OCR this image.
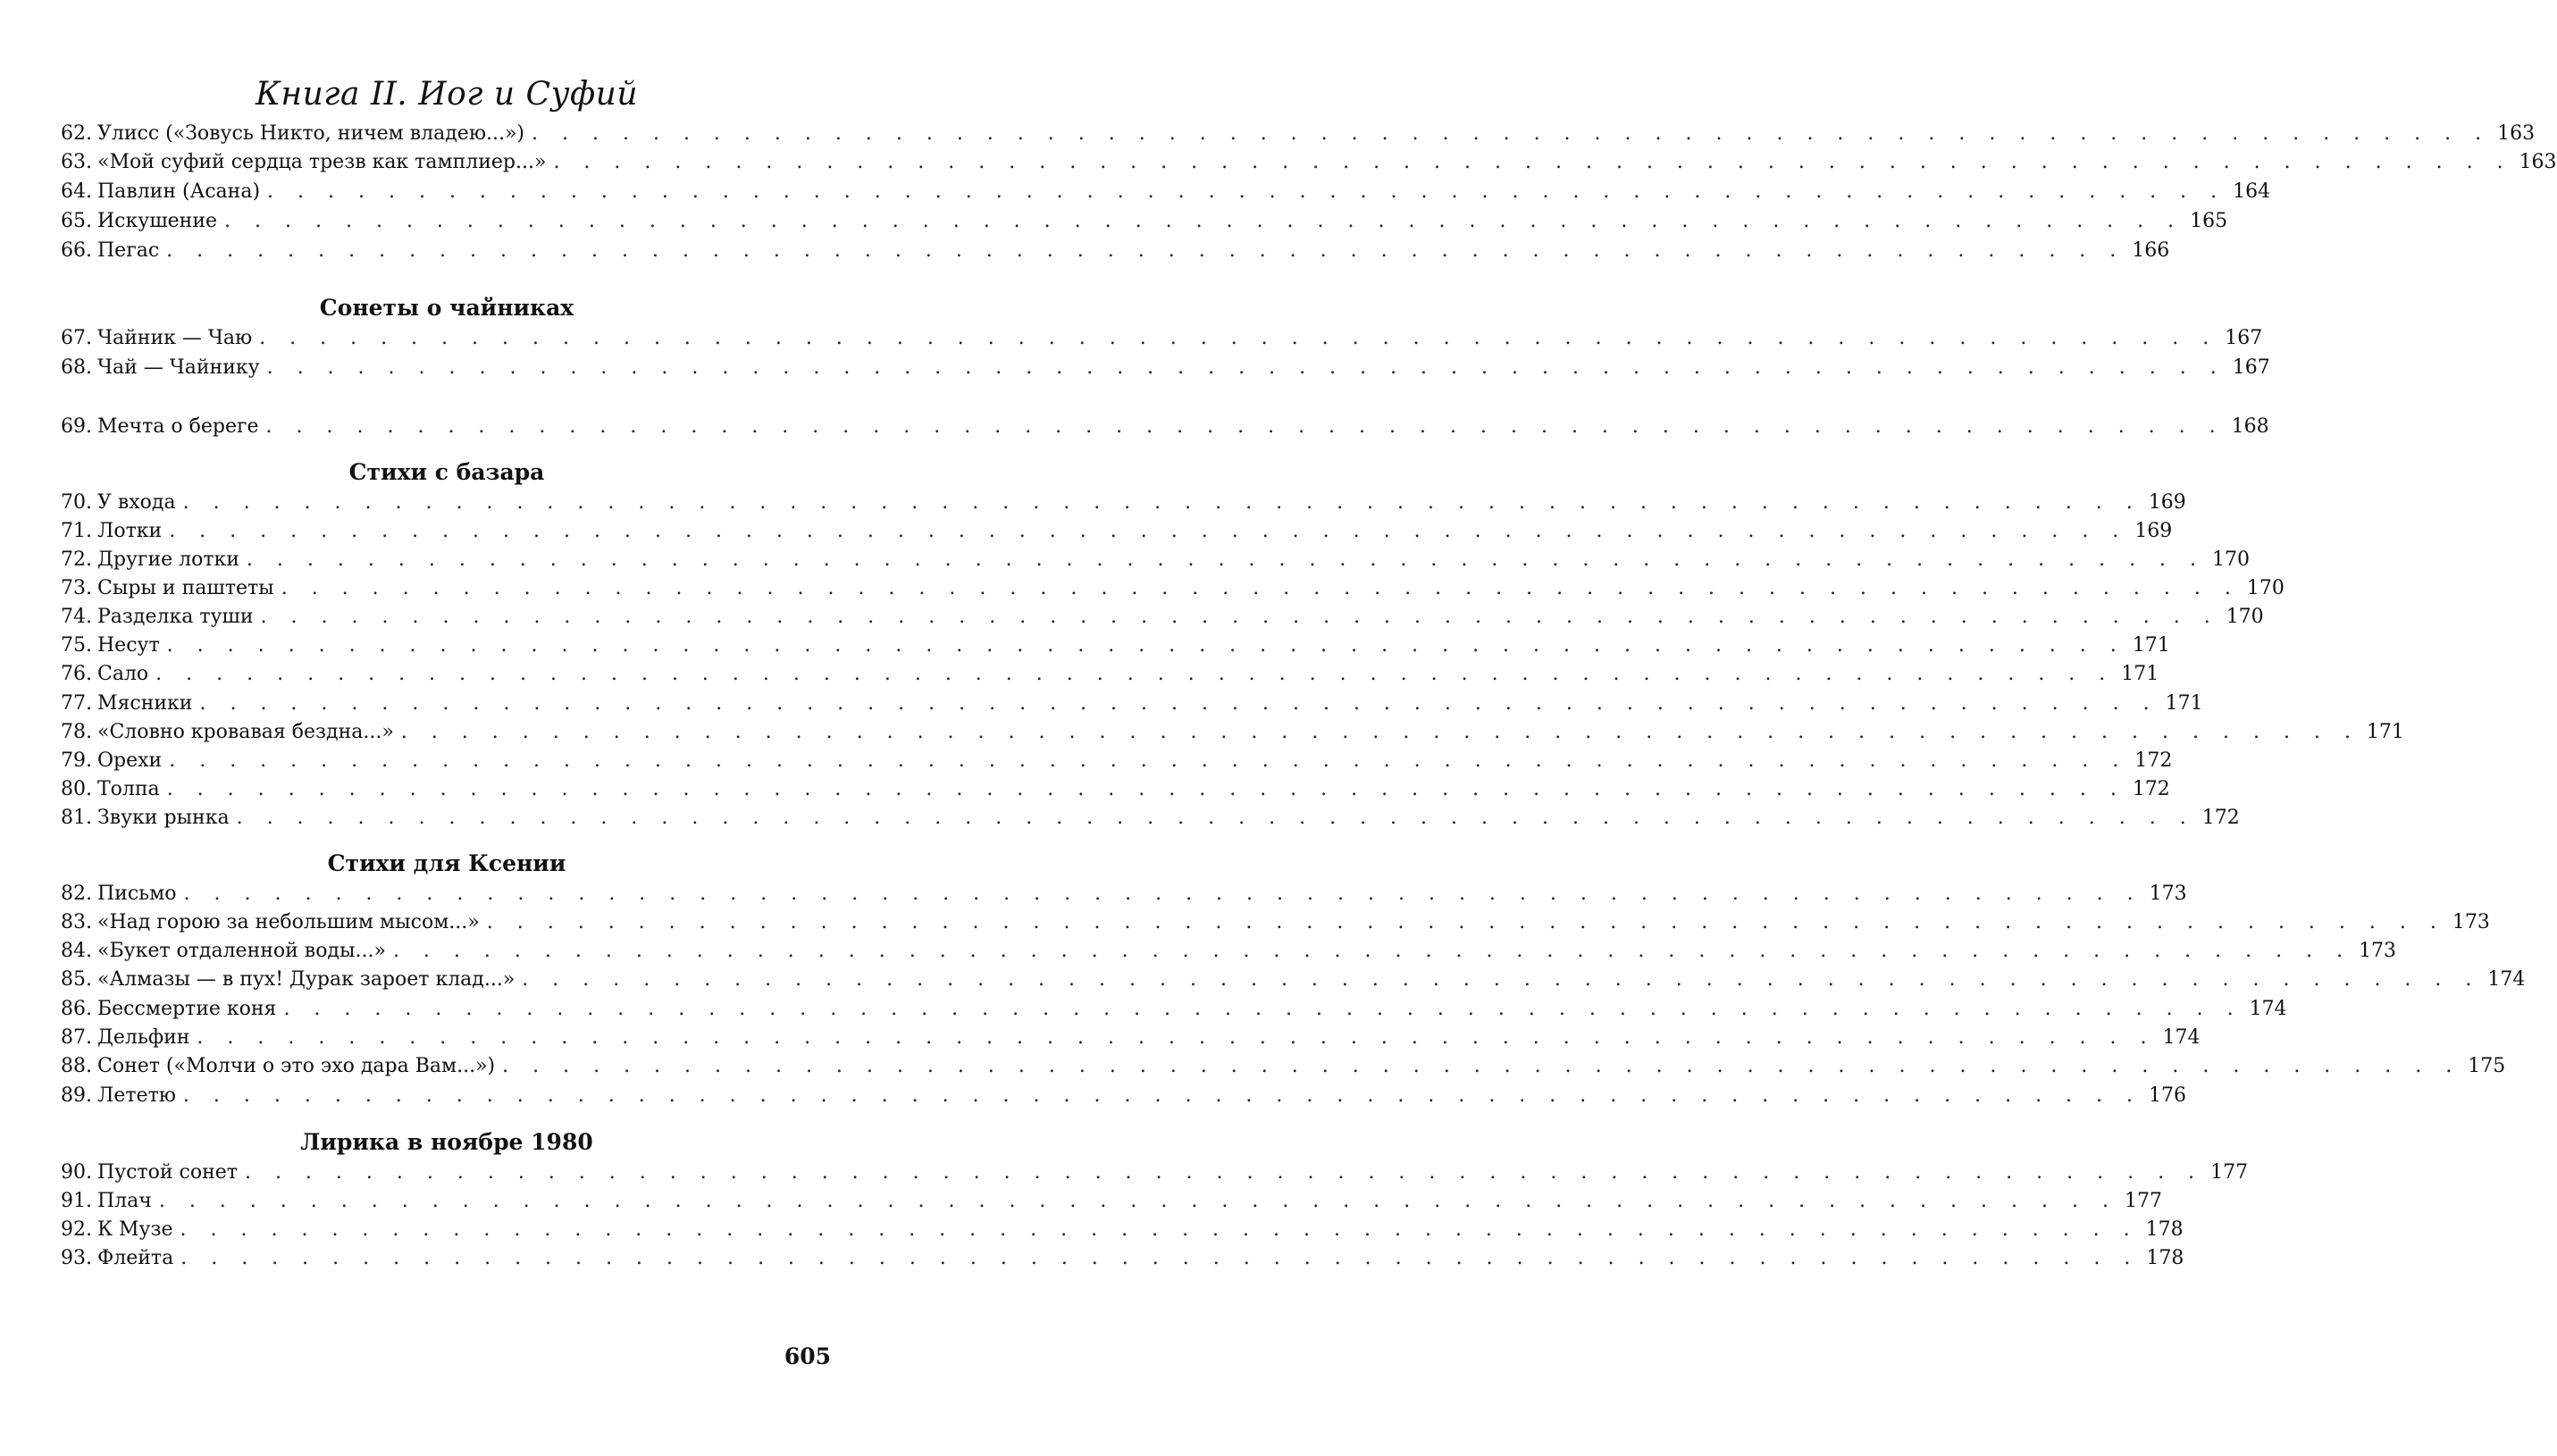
Книга II. Иог и Суфий
62. Улисс («Зовусь Никто, ничем владею...») . . . . . . . . . . . . . . . . . . . . . . . . . . . . . . . . . . . . . . . . . . . . . . . . . . . . . . . . . . . . . . . . . 163
63. «Мой суфий сердца трезв как тамплиер...» . . . . . . . . . . . . . . . . . . . . . . . . . . . . . . . . . . . . . . . . . . . . . . . . . . . . . . . . . . . . . . . . . 163
64. Павлин (Асана) . . . . . . . . . . . . . . . . . . . . . . . . . . . . . . . . . . . . . . . . . . . . . . . . . . . . . . . . . . . . . . . . . 164
65. Искушение . . . . . . . . . . . . . . . . . . . . . . . . . . . . . . . . . . . . . . . . . . . . . . . . . . . . . . . . . . . . . . . . . 165
66. Пегас . . . . . . . . . . . . . . . . . . . . . . . . . . . . . . . . . . . . . . . . . . . . . . . . . . . . . . . . . . . . . . . . . 166
Сонеты о чайниках
67. Чайник — Чаю . . . . . . . . . . . . . . . . . . . . . . . . . . . . . . . . . . . . . . . . . . . . . . . . . . . . . . . . . . . . . . . . . 167
68. Чай — Чайнику . . . . . . . . . . . . . . . . . . . . . . . . . . . . . . . . . . . . . . . . . . . . . . . . . . . . . . . . . . . . . . . . . 167
69. Мечта о береге . . . . . . . . . . . . . . . . . . . . . . . . . . . . . . . . . . . . . . . . . . . . . . . . . . . . . . . . . . . . . . . . . 168
Стихи с базара
70. У входа . . . . . . . . . . . . . . . . . . . . . . . . . . . . . . . . . . . . . . . . . . . . . . . . . . . . . . . . . . . . . . . . . 169
71. Лотки . . . . . . . . . . . . . . . . . . . . . . . . . . . . . . . . . . . . . . . . . . . . . . . . . . . . . . . . . . . . . . . . . 169
72. Другие лотки . . . . . . . . . . . . . . . . . . . . . . . . . . . . . . . . . . . . . . . . . . . . . . . . . . . . . . . . . . . . . . . . . 170
73. Сыры и паштеты . . . . . . . . . . . . . . . . . . . . . . . . . . . . . . . . . . . . . . . . . . . . . . . . . . . . . . . . . . . . . . . . . 170
74. Разделка туши . . . . . . . . . . . . . . . . . . . . . . . . . . . . . . . . . . . . . . . . . . . . . . . . . . . . . . . . . . . . . . . . . 170
75. Несут . . . . . . . . . . . . . . . . . . . . . . . . . . . . . . . . . . . . . . . . . . . . . . . . . . . . . . . . . . . . . . . . . 171
76. Сало . . . . . . . . . . . . . . . . . . . . . . . . . . . . . . . . . . . . . . . . . . . . . . . . . . . . . . . . . . . . . . . . . 171
77. Мясники . . . . . . . . . . . . . . . . . . . . . . . . . . . . . . . . . . . . . . . . . . . . . . . . . . . . . . . . . . . . . . . . . 171
78. «Словно кровавая бездна...» . . . . . . . . . . . . . . . . . . . . . . . . . . . . . . . . . . . . . . . . . . . . . . . . . . . . . . . . . . . . . . . . . 171
79. Орехи . . . . . . . . . . . . . . . . . . . . . . . . . . . . . . . . . . . . . . . . . . . . . . . . . . . . . . . . . . . . . . . . . 172
80. Толпа . . . . . . . . . . . . . . . . . . . . . . . . . . . . . . . . . . . . . . . . . . . . . . . . . . . . . . . . . . . . . . . . . 172
81. Звуки рынка . . . . . . . . . . . . . . . . . . . . . . . . . . . . . . . . . . . . . . . . . . . . . . . . . . . . . . . . . . . . . . . . . 172
Стихи для Ксении
82. Письмо . . . . . . . . . . . . . . . . . . . . . . . . . . . . . . . . . . . . . . . . . . . . . . . . . . . . . . . . . . . . . . . . . 173
83. «Над горою за небольшим мысом...» . . . . . . . . . . . . . . . . . . . . . . . . . . . . . . . . . . . . . . . . . . . . . . . . . . . . . . . . . . . . . . . . . 173
84. «Букет отдаленной воды...» . . . . . . . . . . . . . . . . . . . . . . . . . . . . . . . . . . . . . . . . . . . . . . . . . . . . . . . . . . . . . . . . . 173
85. «Алмазы — в пух! Дурак зароет клад...» . . . . . . . . . . . . . . . . . . . . . . . . . . . . . . . . . . . . . . . . . . . . . . . . . . . . . . . . . . . . . . . . . 174
86. Бессмертие коня . . . . . . . . . . . . . . . . . . . . . . . . . . . . . . . . . . . . . . . . . . . . . . . . . . . . . . . . . . . . . . . . . 174
87. Дельфин . . . . . . . . . . . . . . . . . . . . . . . . . . . . . . . . . . . . . . . . . . . . . . . . . . . . . . . . . . . . . . . . . 174
88. Сонет («Молчи о это эхо дара Вам...») . . . . . . . . . . . . . . . . . . . . . . . . . . . . . . . . . . . . . . . . . . . . . . . . . . . . . . . . . . . . . . . . . 175
89. Лететю . . . . . . . . . . . . . . . . . . . . . . . . . . . . . . . . . . . . . . . . . . . . . . . . . . . . . . . . . . . . . . . . . 176
Лирика в ноябре 1980
90. Пустой сонет . . . . . . . . . . . . . . . . . . . . . . . . . . . . . . . . . . . . . . . . . . . . . . . . . . . . . . . . . . . . . . . . . 177
91. Плач . . . . . . . . . . . . . . . . . . . . . . . . . . . . . . . . . . . . . . . . . . . . . . . . . . . . . . . . . . . . . . . . . 177
92. К Музе . . . . . . . . . . . . . . . . . . . . . . . . . . . . . . . . . . . . . . . . . . . . . . . . . . . . . . . . . . . . . . . . . 178
93. Флейта . . . . . . . . . . . . . . . . . . . . . . . . . . . . . . . . . . . . . . . . . . . . . . . . . . . . . . . . . . . . . . . . . 178
605
